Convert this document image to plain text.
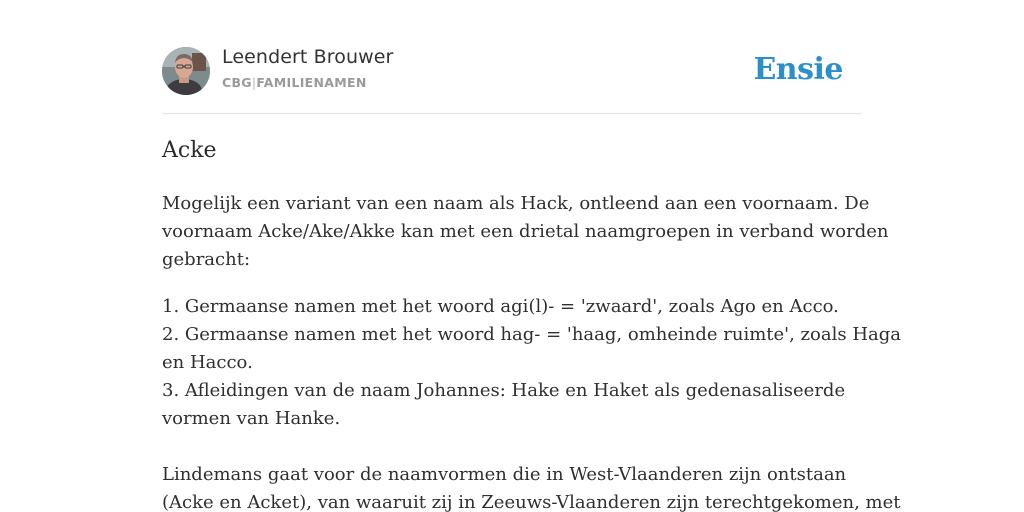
Leendert Brouwer
CBG|FAMILIENAMEN	Ensie
Acke

Mogelijk een variant van een naam als Hack, ontleend aan een voornaam. De
voornaam Acke/Ake/Akke kan met een drietal naamgroepen in verband worden
gebracht:

1. Germaanse namen met het woord agi(l)- = 'zwaard', zoals Ago en Acco.
2. Germaanse namen met het woord hag- = 'haag, omheinde ruimte', zoals Haga
en Hacco.
3. Afleidingen van de naam Johannes: Hake en Haket als gedenasaliseerde
vormen van Hanke.

Lindemans gaat voor de naamvormen die in West-Vlaanderen zijn ontstaan
(Acke en Acket), van waaruit zij in Zeeuws-Vlaanderen zijn terechtgekomen, met
